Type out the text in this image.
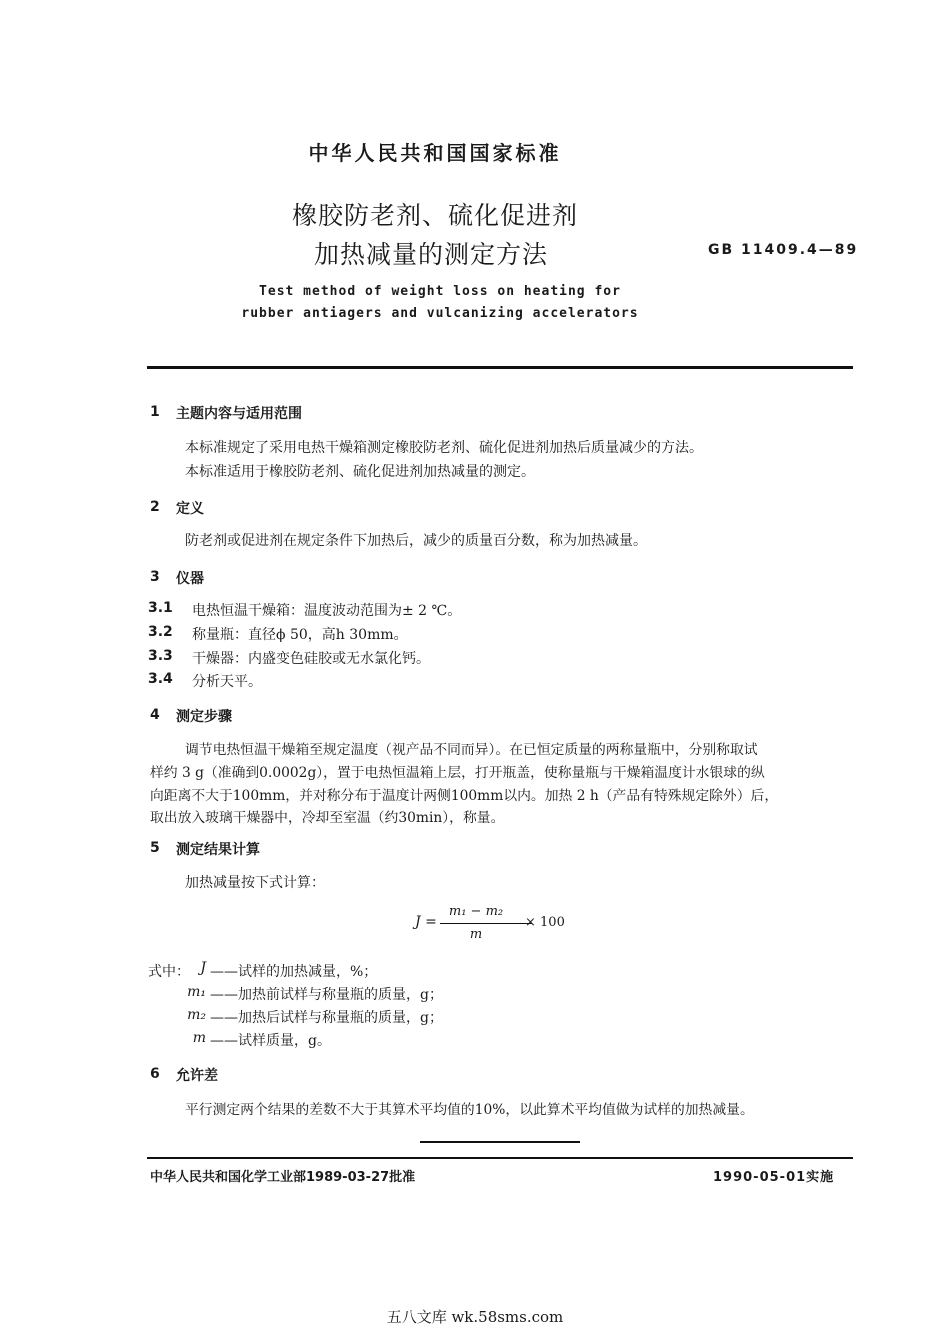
中华人民共和国国家标准
橡胶防老剂、硫化促进剂
加热减量的测定方法	GB 11409.4—89
Test method of weight loss on heating for
rubber antiagers and vulcanizing accelerators
1 主题内容与适用范围
本标准规定了采用电热干燥箱测定橡胶防老剂、硫化促进剂加热后质量减少的方法。
本标准适用于橡胶防老剂、硫化促进剂加热减量的测定。
2 定义
防老剂或促进剂在规定条件下加热后，减少的质量百分数，称为加热减量。
3 仪器
3.1 电热恒温干燥箱：温度波动范围为± 2 ℃。
3.2 称量瓶：直径ϕ 50，高h 30mm。
3.3 干燥器：内盛变色硅胶或无水氯化钙。
3.4 分析天平。
4 测定步骤
调节电热恒温干燥箱至规定温度（视产品不同而异）。在已恒定质量的两称量瓶中，分别称取试
样约 3 g（准确到0.0002g），置于电热恒温箱上层，打开瓶盖，使称量瓶与干燥箱温度计水银球的纵
向距离不大于100mm，并对称分布于温度计两侧100mm以内。加热 2 h（产品有特殊规定除外）后，
取出放入玻璃干燥器中，冷却至室温（约30min），称量。
5 测定结果计算
加热减量按下式计算：
J =
m₁ − m₂
m
× 100
式中： J ——试样的加热减量，%；
m₁ ——加热前试样与称量瓶的质量，g；
m₂ ——加热后试样与称量瓶的质量，g；
m ——试样质量，g。
6 允许差
平行测定两个结果的差数不大于其算术平均值的10%，以此算术平均值做为试样的加热减量。
中华人民共和国化学工业部1989-03-27批准	1990-05-01实施
五八文库 wk.58sms.com
